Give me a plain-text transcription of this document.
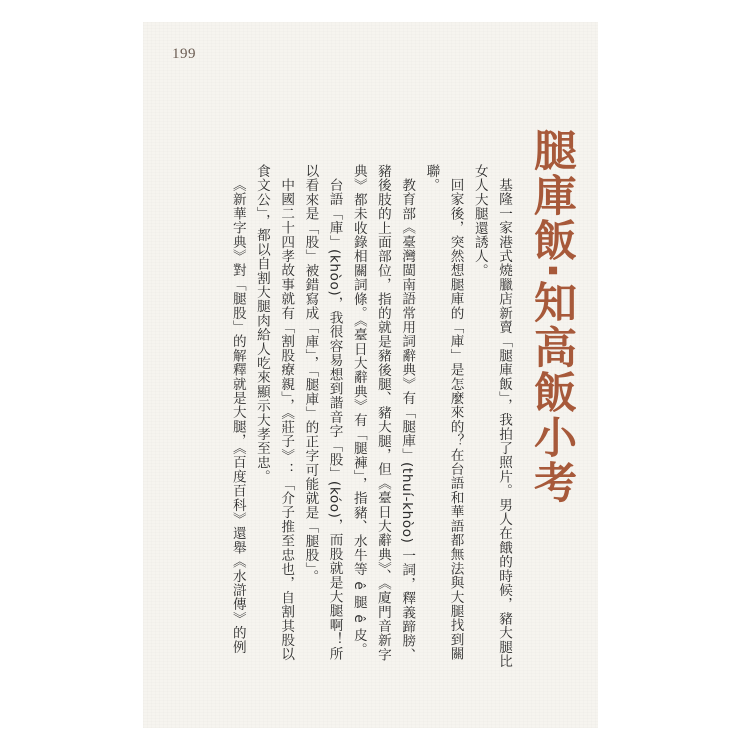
199
腿庫飯‧知高飯小考

基隆一家港式燒臘店新賣「腿庫飯」，我拍了照片。男人在餓的時候，豬大腿比女人大腿還誘人。

回家後，突然想腿庫的「庫」是怎麼來的？在台語和華語都無法與大腿找到關聯。

教育部《臺灣閩南語常用詞辭典》有「腿庫」(thuí-khòo) 一詞，釋義蹄膀、豬後肢的上面部位，指的就是豬後腿、豬大腿，但《臺日大辭典》、《廈門音新字典》都未收錄相關詞條。《臺日大辭典》有「腿褲」，指豬、水牛等 ê 腿 ê 皮。

台語「庫」(khòo)，我很容易想到諧音字「股」(kóo)，而股就是大腿啊！所以看來是「股」被錯寫成「庫」，「腿庫」的正字可能就是「腿股」。

中國二十四孝故事就有「割股療親」，《莊子》：「介子推至忠也，自割其股以食文公」，都以自割大腿肉給人吃來顯示大孝至忠。

《新華字典》對「腿股」的解釋就是大腿，《百度百科》還舉《水滸傳》的例
